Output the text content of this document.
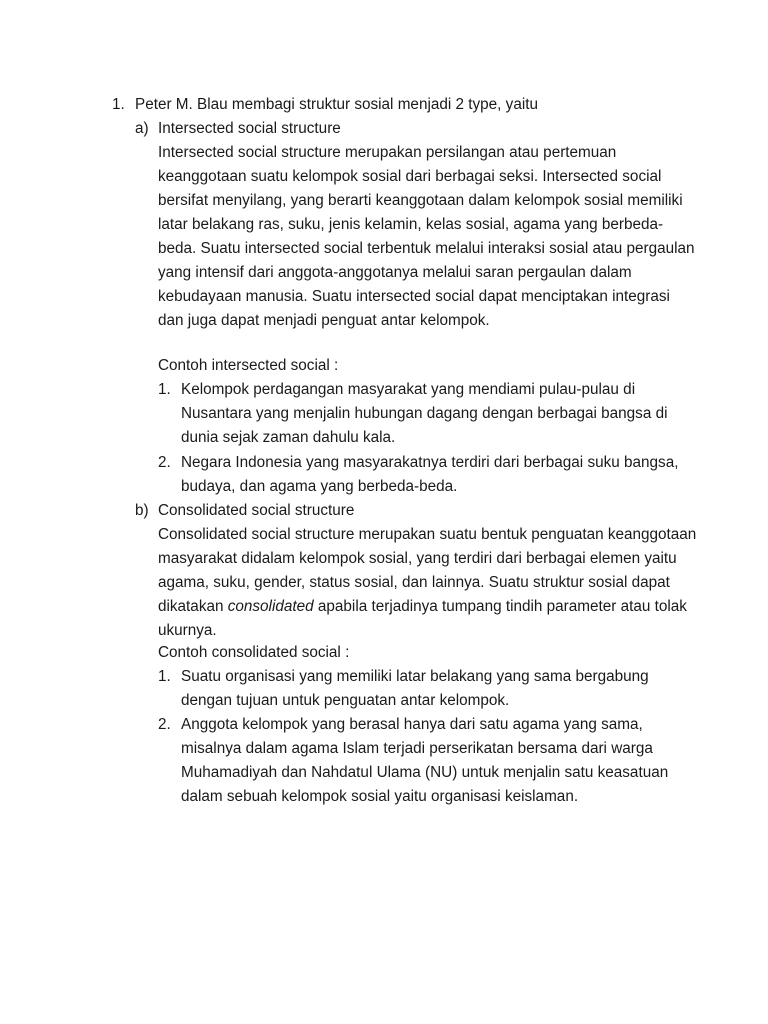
1. Peter M. Blau membagi struktur sosial menjadi 2 type, yaitu
a) Intersected social structure
Intersected social structure merupakan persilangan atau pertemuan keanggotaan suatu kelompok sosial dari berbagai seksi. Intersected social bersifat menyilang, yang berarti keanggotaan dalam kelompok sosial memiliki latar belakang ras, suku, jenis kelamin, kelas sosial, agama yang berbeda-beda. Suatu intersected social terbentuk melalui interaksi sosial atau pergaulan yang intensif dari anggota-anggotanya melalui saran pergaulan dalam kebudayaan manusia. Suatu intersected social dapat menciptakan integrasi dan juga dapat menjadi penguat antar kelompok.
Contoh intersected social :
1. Kelompok perdagangan masyarakat yang mendiami pulau-pulau di Nusantara yang menjalin hubungan dagang dengan berbagai bangsa di dunia sejak zaman dahulu kala.
2. Negara Indonesia yang masyarakatnya terdiri dari berbagai suku bangsa, budaya, dan agama yang berbeda-beda.
b) Consolidated social structure
Consolidated social structure merupakan suatu bentuk penguatan keanggotaan masyarakat didalam kelompok sosial, yang terdiri dari berbagai elemen yaitu agama, suku, gender, status sosial, dan lainnya. Suatu struktur sosial dapat dikatakan consolidated apabila terjadinya tumpang tindih parameter atau tolak ukurnya.
Contoh consolidated social :
1. Suatu organisasi yang memiliki latar belakang yang sama bergabung dengan tujuan untuk penguatan antar kelompok.
2. Anggota kelompok yang berasal hanya dari satu agama yang sama, misalnya dalam agama Islam terjadi perserikatan bersama dari warga Muhamadiyah dan Nahdatul Ulama (NU) untuk menjalin satu keasatuan dalam sebuah kelompok sosial yaitu organisasi keislaman.
